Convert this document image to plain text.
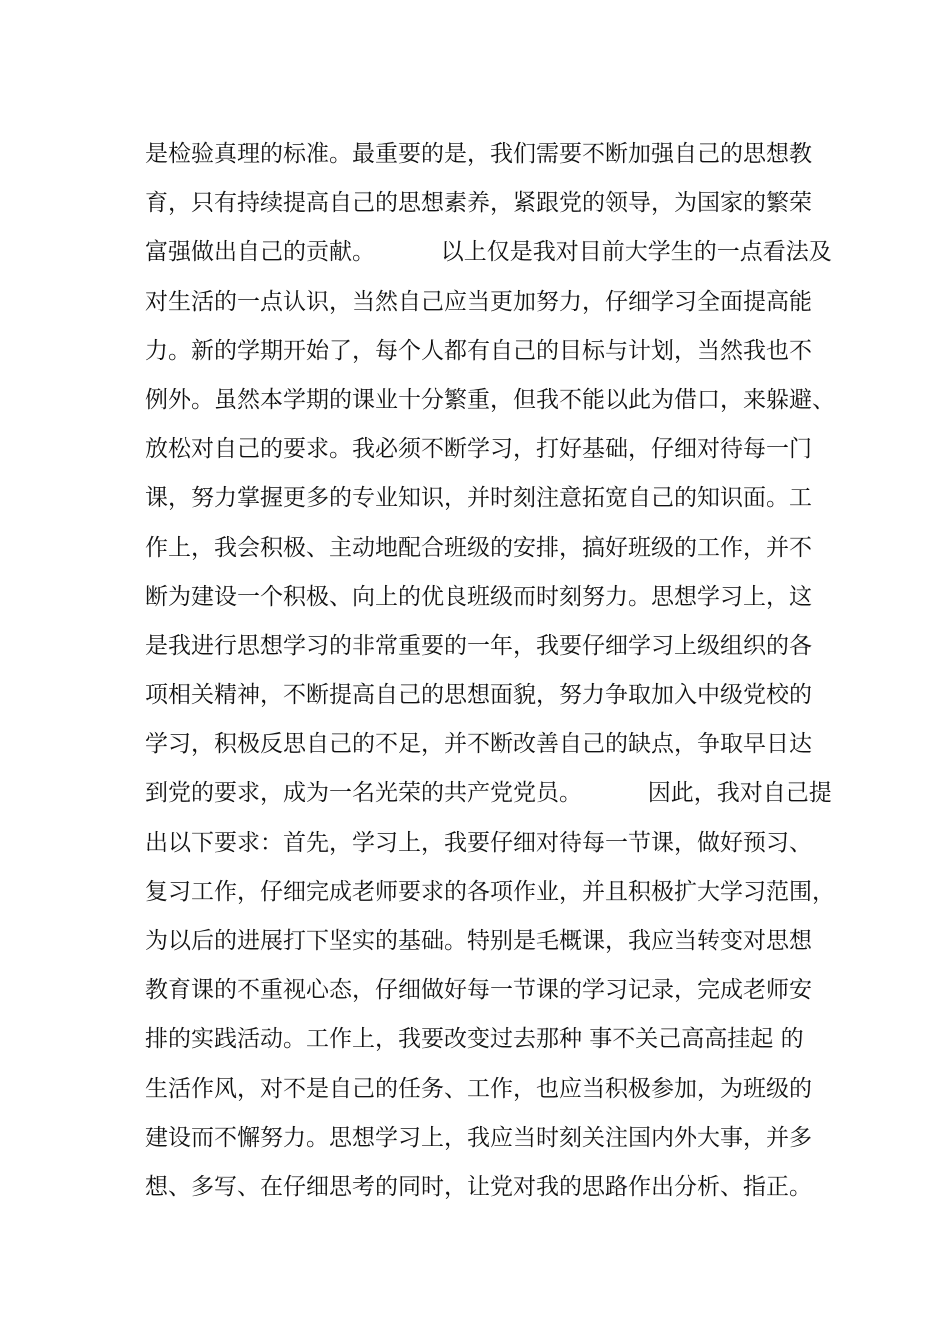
是检验真理的标准。最重要的是，我们需要不断加强自己的思想教
育，只有持续提高自己的思想素养，紧跟党的领导，为国家的繁荣
富强做出自己的贡献。         以上仅是我对目前大学生的一点看法及
对生活的一点认识，当然自己应当更加努力，仔细学习全面提高能
力。新的学期开始了，每个人都有自己的目标与计划，当然我也不
例外。虽然本学期的课业十分繁重，但我不能以此为借口，来躲避、
放松对自己的要求。我必须不断学习，打好基础，仔细对待每一门
课，努力掌握更多的专业知识，并时刻注意拓宽自己的知识面。工
作上，我会积极、主动地配合班级的安排，搞好班级的工作，并不
断为建设一个积极、向上的优良班级而时刻努力。思想学习上，这
是我进行思想学习的非常重要的一年，我要仔细学习上级组织的各
项相关精神，不断提高自己的思想面貌，努力争取加入中级党校的
学习，积极反思自己的不足，并不断改善自己的缺点，争取早日达
到党的要求，成为一名光荣的共产党党员。         因此，我对自己提
出以下要求：首先，学习上，我要仔细对待每一节课，做好预习、
复习工作，仔细完成老师要求的各项作业，并且积极扩大学习范围，
为以后的进展打下坚实的基础。特别是毛概课，我应当转变对思想
教育课的不重视心态，仔细做好每一节课的学习记录，完成老师安
排的实践活动。工作上，我要改变过去那种 事不关己高高挂起 的
生活作风，对不是自己的任务、工作，也应当积极参加，为班级的
建设而不懈努力。思想学习上，我应当时刻关注国内外大事，并多
想、多写、在仔细思考的同时，让党对我的思路作出分析、指正。
